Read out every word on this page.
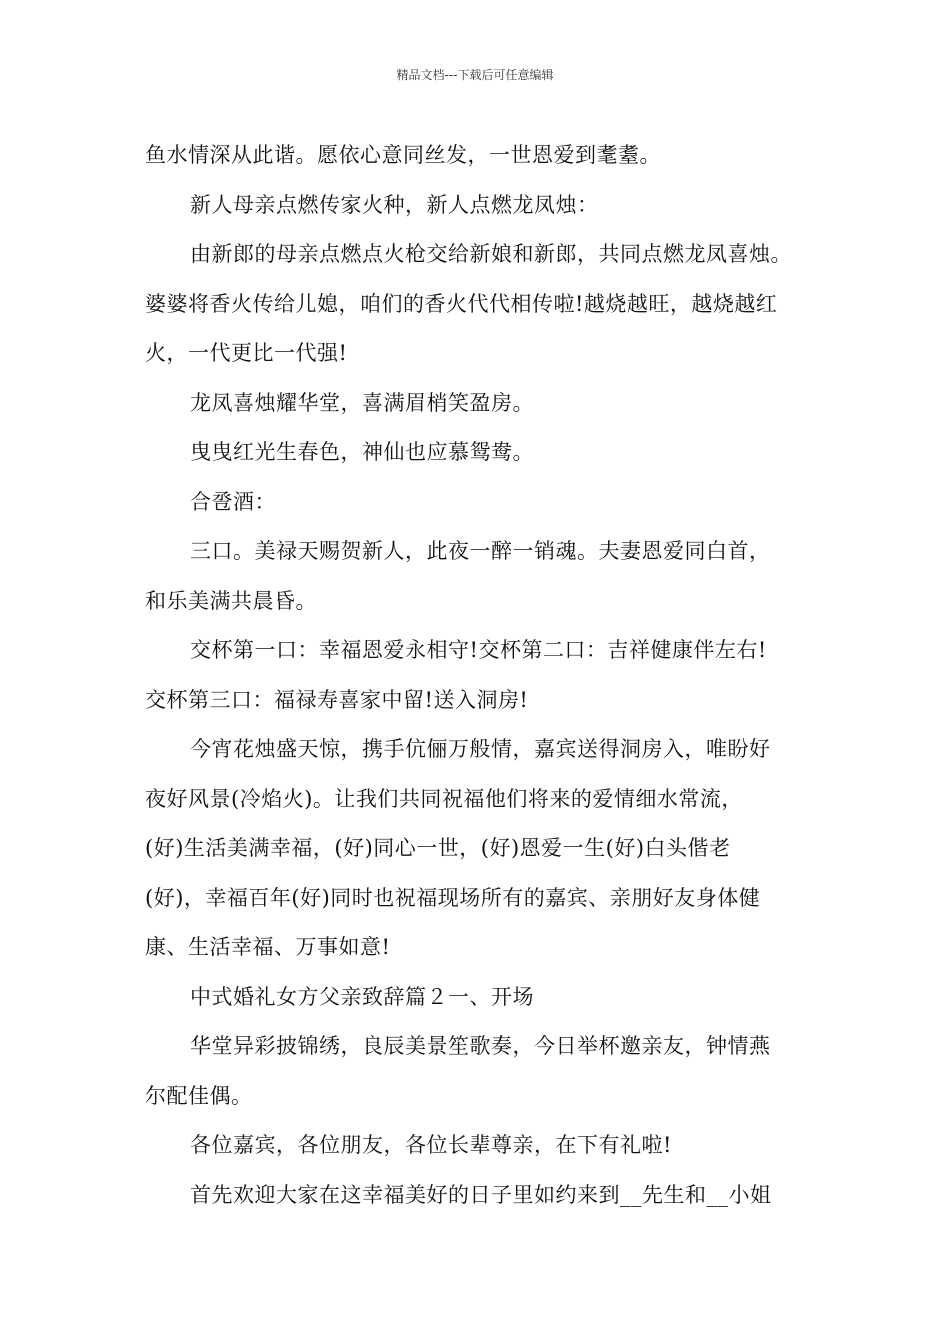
精品文档---下载后可任意编辑

鱼水情深从此谐。愿依心意同丝发，一世恩爱到耄耋。

新人母亲点燃传家火种，新人点燃龙凤烛：

由新郎的母亲点燃点火枪交给新娘和新郎，共同点燃龙凤喜烛。
婆婆将香火传给儿媳，咱们的香火代代相传啦!越烧越旺，越烧越红
火，一代更比一代强!

龙凤喜烛耀华堂，喜满眉梢笑盈房。

曳曳红光生春色，神仙也应慕鸳鸯。

合卺酒：

三口。美禄天赐贺新人，此夜一醉一销魂。夫妻恩爱同白首，
和乐美满共晨昏。

交杯第一口：幸福恩爱永相守!交杯第二口：吉祥健康伴左右!
交杯第三口：福禄寿喜家中留!送入洞房!

今宵花烛盛天惊，携手伉俪万般情，嘉宾送得洞房入，唯盼好
夜好风景(冷焰火)。让我们共同祝福他们将来的爱情细水常流，
(好)生活美满幸福，(好)同心一世，(好)恩爱一生(好)白头偕老
(好)，幸福百年(好)同时也祝福现场所有的嘉宾、亲朋好友身体健
康、生活幸福、万事如意!

中式婚礼女方父亲致辞篇２一、开场

华堂异彩披锦绣，良辰美景笙歌奏，今日举杯邀亲友，钟情燕
尔配佳偶。

各位嘉宾，各位朋友，各位长辈尊亲，在下有礼啦!

首先欢迎大家在这幸福美好的日子里如约来到__先生和__小姐
